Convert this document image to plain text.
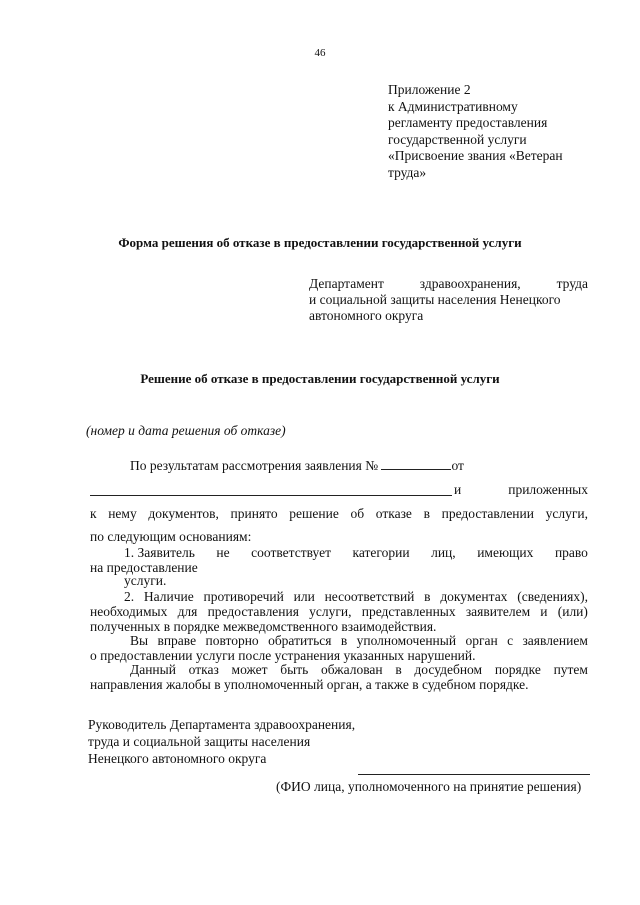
46
Приложение 2
к Административному
регламенту предоставления
государственной услуги
«Присвоение звания «Ветеран
труда»
Форма решения об отказе в предоставлении государственной услуги
Департамент	здравоохранения,	труда
и социальной защиты населения Ненецкого
автономного округа
Решение об отказе в предоставлении государственной услуги
(номер и дата решения об отказе)
По результатам рассмотрения заявления №	от
и	приложенных
к нему документов, принято решение об отказе в предоставлении услуги,
по следующим основаниям:
1. Заявитель не соответствует категории лиц, имеющих право
на предоставление
услуги.
2. Наличие противоречий или несоответствий в документах (сведениях),
необходимых для предоставления услуги, представленных заявителем и (или)
полученных в порядке межведомственного взаимодействия.
Вы вправе повторно обратиться в уполномоченный орган с заявлением
о предоставлении услуги после устранения указанных нарушений.
Данный отказ может быть обжалован в досудебном порядке путем
направления жалобы в уполномоченный орган, а также в судебном порядке.
Руководитель Департамента здравоохранения,
труда и социальной защиты населения
Ненецкого автономного округа
(ФИО лица, уполномоченного на принятие решения)
